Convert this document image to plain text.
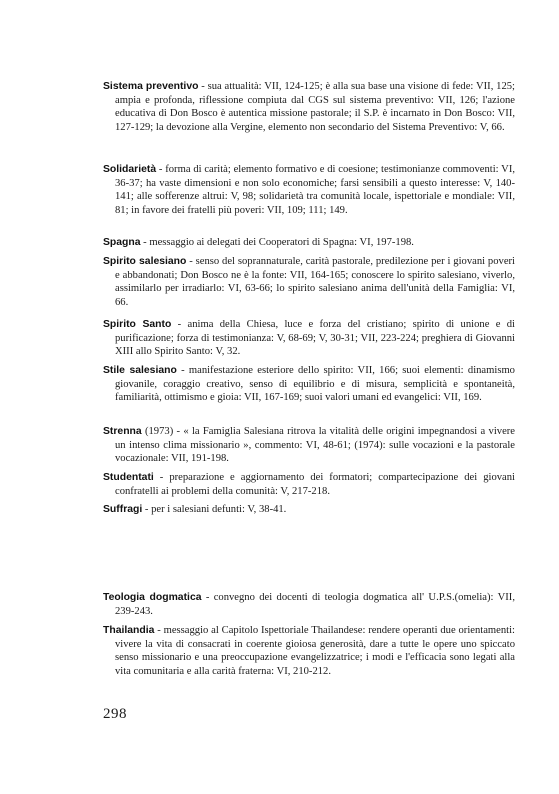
Sistema preventivo - sua attualità: VII, 124-125; è alla sua base una visione di fede: VII, 125; ampia e profonda, riflessione compiuta dal CGS sul sistema preventivo: VII, 126; l'azione educativa di Don Bosco è autentica missione pastorale; il S.P. è incarnato in Don Bosco: VII, 127-129; la devozione alla Vergine, elemento non secondario del Sistema Preventivo: V, 66.

Solidarietà - forma di carità; elemento formativo e di coesione; testimonianze commoventi: VI, 36-37; ha vaste dimensioni e non solo economiche; farsi sensibili a questo interesse: V, 140-141; alle sofferenze altrui: V, 98; solidarietà tra comunità locale, ispettoriale e mondiale: VII, 81; in favore dei fratelli più poveri: VII, 109; 111; 149.

Spagna - messaggio ai delegati dei Cooperatori di Spagna: VI, 197-198.

Spirito salesiano - senso del soprannaturale, carità pastorale, predilezione per i giovani poveri e abbandonati; Don Bosco ne è la fonte: VII, 164-165; conoscere lo spirito salesiano, viverlo, assimilarlo per irradiarlo: VI, 63-66; lo spirito salesiano anima dell'unità della Famiglia: VI, 66.

Spirito Santo - anima della Chiesa, luce e forza del cristiano; spirito di unione e di purificazione; forza di testimonianza: V, 68-69; V, 30-31; VII, 223-224; preghiera di Giovanni XIII allo Spirito Santo: V, 32.

Stile salesiano - manifestazione esteriore dello spirito: VII, 166; suoi elementi: dinamismo giovanile, coraggio creativo, senso di equilibrio e di misura, semplicità e spontaneità, familiarità, ottimismo e gioia: VII, 167-169; suoi valori umani ed evangelici: VII, 169.

Strenna (1973) - « la Famiglia Salesiana ritrova la vitalità delle origini impegnandosi a vivere un intenso clima missionario », commento: VI, 48-61; (1974): sulle vocazioni e la pastorale vocazionale: VII, 191-198.

Studentati - preparazione e aggiornamento dei formatori; compartecipazione dei giovani confratelli ai problemi della comunità: V, 217-218.

Suffragi - per i salesiani defunti: V, 38-41.

Teologia dogmatica - convegno dei docenti di teologia dogmatica all' U.P.S.(omelia): VII, 239-243.

Thailandia - messaggio al Capitolo Ispettoriale Thailandese: rendere operanti due orientamenti: vivere la vita di consacrati in coerente gioiosa generosità, dare a tutte le opere uno spiccato senso missionario e una preoccupazione evangelizzatrice; i modi e l'efficacia sono legati alla vita comunitaria e alla carità fraterna: VI, 210-212.

298
